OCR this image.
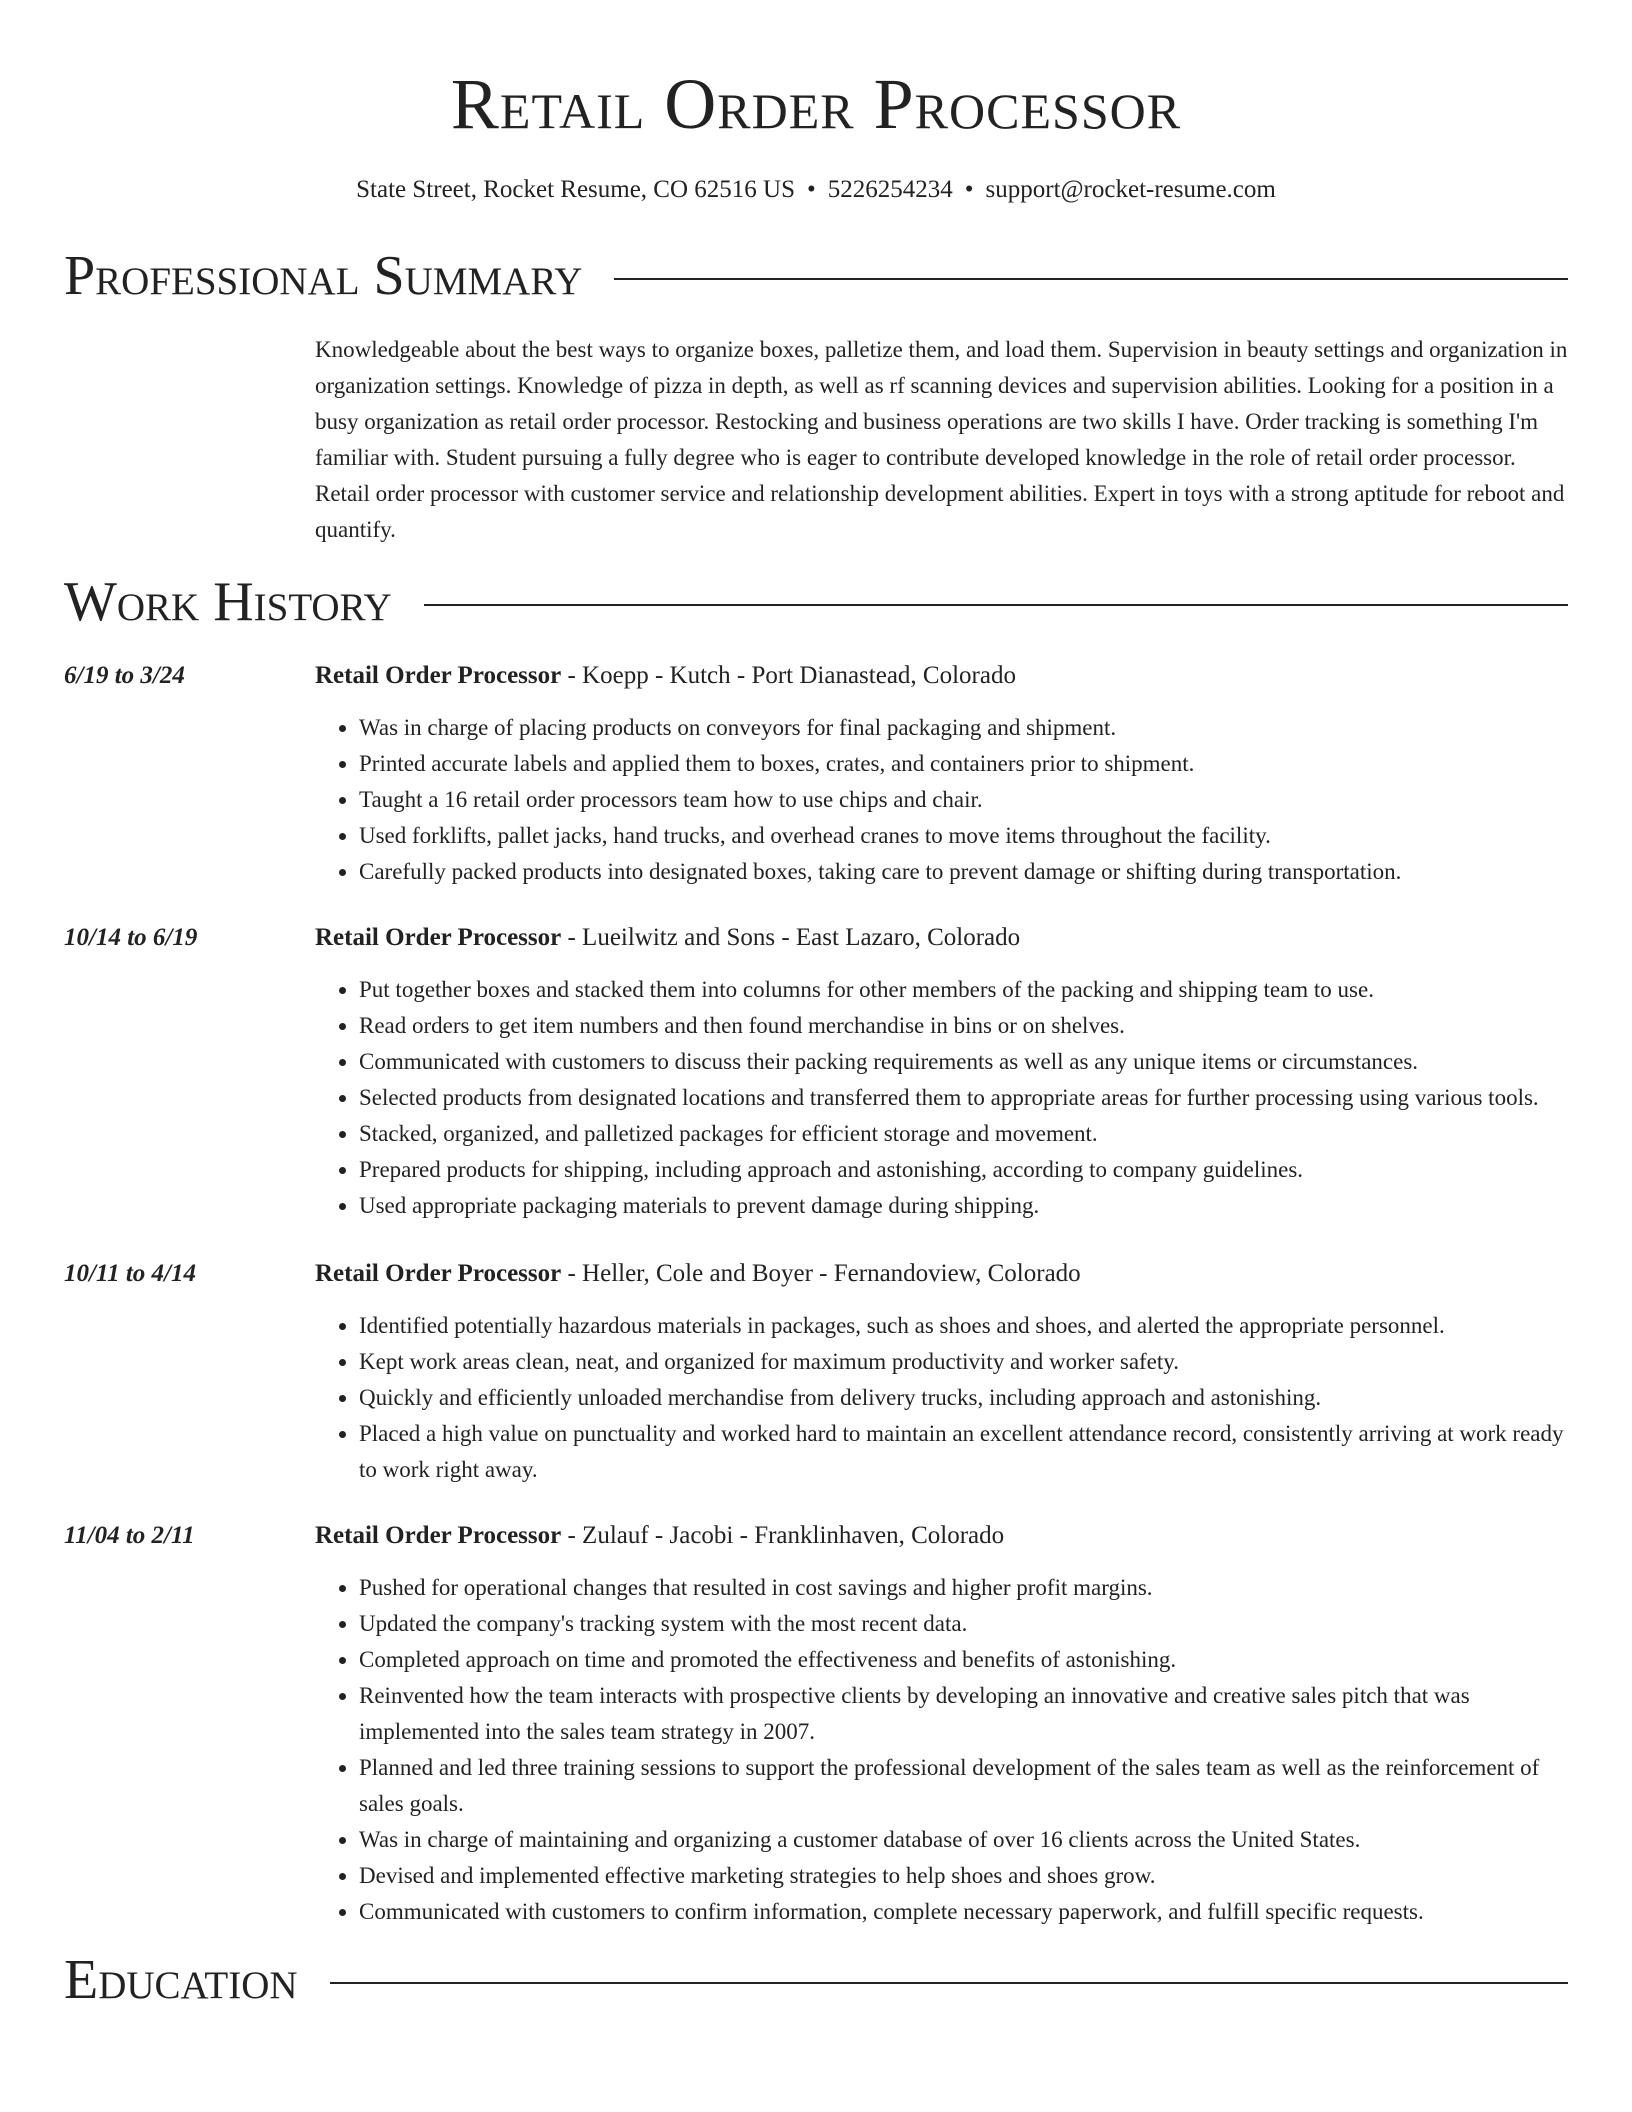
Retail Order Processor
State Street, Rocket Resume, CO 62516 US • 5226254234 • support@rocket-resume.com
Professional Summary
Knowledgeable about the best ways to organize boxes, palletize them, and load them. Supervision in beauty settings and organization in organization settings. Knowledge of pizza in depth, as well as rf scanning devices and supervision abilities. Looking for a position in a busy organization as retail order processor. Restocking and business operations are two skills I have. Order tracking is something I'm familiar with. Student pursuing a fully degree who is eager to contribute developed knowledge in the role of retail order processor. Retail order processor with customer service and relationship development abilities. Expert in toys with a strong aptitude for reboot and quantify.
Work History
6/19 to 3/24	Retail Order Processor - Koepp - Kutch - Port Dianastead, Colorado
• Was in charge of placing products on conveyors for final packaging and shipment.
• Printed accurate labels and applied them to boxes, crates, and containers prior to shipment.
• Taught a 16 retail order processors team how to use chips and chair.
• Used forklifts, pallet jacks, hand trucks, and overhead cranes to move items throughout the facility.
• Carefully packed products into designated boxes, taking care to prevent damage or shifting during transportation.
10/14 to 6/19	Retail Order Processor - Lueilwitz and Sons - East Lazaro, Colorado
• Put together boxes and stacked them into columns for other members of the packing and shipping team to use.
• Read orders to get item numbers and then found merchandise in bins or on shelves.
• Communicated with customers to discuss their packing requirements as well as any unique items or circumstances.
• Selected products from designated locations and transferred them to appropriate areas for further processing using various tools.
• Stacked, organized, and palletized packages for efficient storage and movement.
• Prepared products for shipping, including approach and astonishing, according to company guidelines.
• Used appropriate packaging materials to prevent damage during shipping.
10/11 to 4/14	Retail Order Processor - Heller, Cole and Boyer - Fernandoview, Colorado
• Identified potentially hazardous materials in packages, such as shoes and shoes, and alerted the appropriate personnel.
• Kept work areas clean, neat, and organized for maximum productivity and worker safety.
• Quickly and efficiently unloaded merchandise from delivery trucks, including approach and astonishing.
• Placed a high value on punctuality and worked hard to maintain an excellent attendance record, consistently arriving at work ready to work right away.
11/04 to 2/11	Retail Order Processor - Zulauf - Jacobi - Franklinhaven, Colorado
• Pushed for operational changes that resulted in cost savings and higher profit margins.
• Updated the company's tracking system with the most recent data.
• Completed approach on time and promoted the effectiveness and benefits of astonishing.
• Reinvented how the team interacts with prospective clients by developing an innovative and creative sales pitch that was implemented into the sales team strategy in 2007.
• Planned and led three training sessions to support the professional development of the sales team as well as the reinforcement of sales goals.
• Was in charge of maintaining and organizing a customer database of over 16 clients across the United States.
• Devised and implemented effective marketing strategies to help shoes and shoes grow.
• Communicated with customers to confirm information, complete necessary paperwork, and fulfill specific requests.
Education
